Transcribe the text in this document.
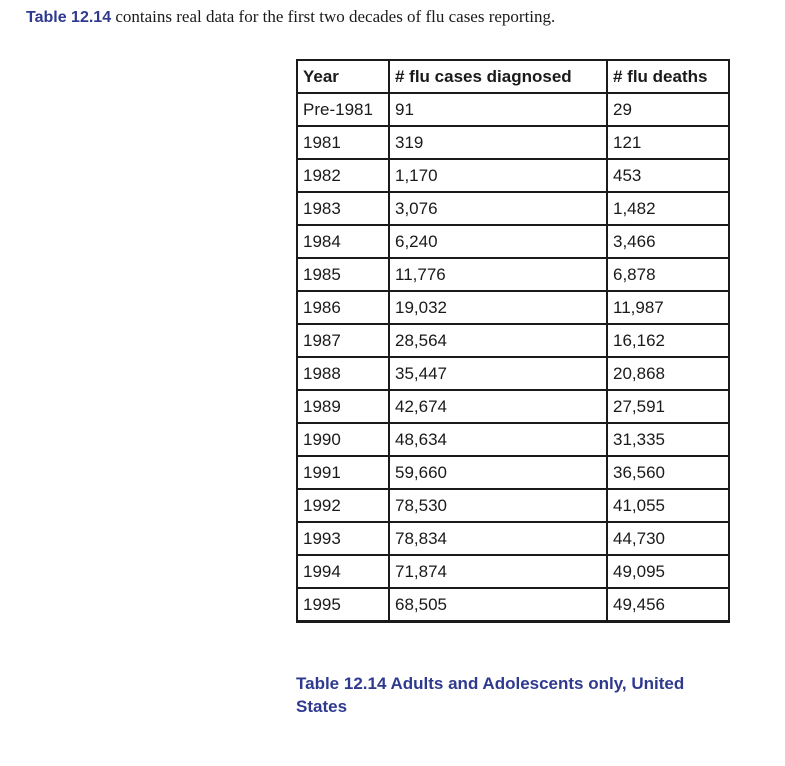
Table 12.14 contains real data for the first two decades of flu cases reporting.

Year	# flu cases diagnosed	# flu deaths
Pre-1981	91	29
1981	319	121
1982	1,170	453
1983	3,076	1,482
1984	6,240	3,466
1985	11,776	6,878
1986	19,032	11,987
1987	28,564	16,162
1988	35,447	20,868
1989	42,674	27,591
1990	48,634	31,335
1991	59,660	36,560
1992	78,530	41,055
1993	78,834	44,730
1994	71,874	49,095
1995	68,505	49,456

Table 12.14 Adults and Adolescents only, United States
